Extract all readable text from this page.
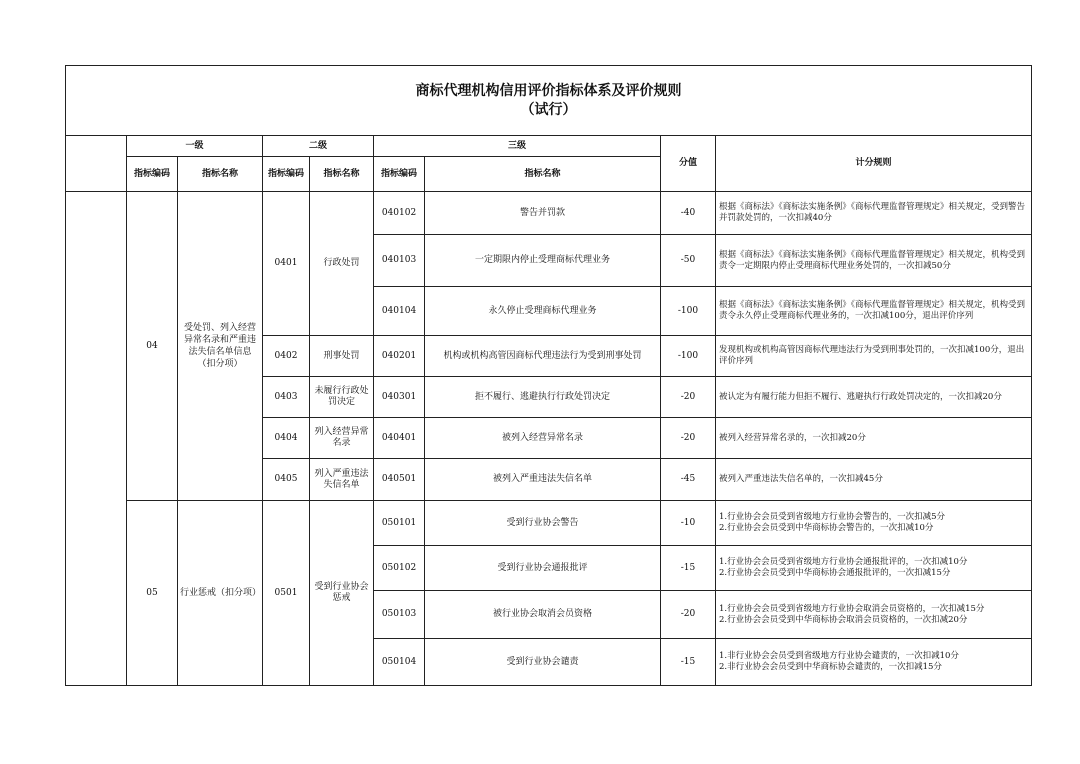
商标代理机构信用评价指标体系及评价规则
（试行）								

	一级		二级		三级		分值	计分规则
	指标编码	指标名称	指标编码	指标名称	指标编码	指标名称		
	04	受处罚、列入经营异常名录和严重违法失信名单信息（扣分项）	0401	行政处罚	040102	警告并罚款	-40	根据《商标法》《商标法实施条例》《商标代理监督管理规定》相关规定，受到警告并罚款处罚的，一次扣减40分
					040103	一定期限内停止受理商标代理业务	-50	根据《商标法》《商标法实施条例》《商标代理监督管理规定》相关规定，机构受到责令一定期限内停止受理商标代理业务处罚的，一次扣减50分
					040104	永久停止受理商标代理业务	-100	根据《商标法》《商标法实施条例》《商标代理监督管理规定》相关规定，机构受到责令永久停止受理商标代理业务的，一次扣减100分，退出评价序列
			0402	刑事处罚	040201	机构或机构高管因商标代理违法行为受到刑事处罚	-100	发现机构或机构高管因商标代理违法行为受到刑事处罚的，一次扣减100分，退出评价序列
			0403	未履行行政处罚决定	040301	拒不履行、逃避执行行政处罚决定	-20	被认定为有履行能力但拒不履行、逃避执行行政处罚决定的，一次扣减20分
			0404	列入经营异常名录	040401	被列入经营异常名录	-20	被列入经营异常名录的，一次扣减20分
			0405	列入严重违法失信名单	040501	被列入严重违法失信名单	-45	被列入严重违法失信名单的，一次扣减45分
	05	行业惩戒（扣分项）	0501	受到行业协会惩戒	050101	受到行业协会警告	-10	1.行业协会会员受到省级地方行业协会警告的，一次扣减5分
2.行业协会会员受到中华商标协会警告的，一次扣减10分
					050102	受到行业协会通报批评	-15	1.行业协会会员受到省级地方行业协会通报批评的，一次扣减10分
2.行业协会会员受到中华商标协会通报批评的，一次扣减15分
					050103	被行业协会取消会员资格	-20	1.行业协会会员受到省级地方行业协会取消会员资格的，一次扣减15分
2.行业协会会员受到中华商标协会取消会员资格的，一次扣减20分
					050104	受到行业协会谴责	-15	1.非行业协会会员受到省级地方行业协会谴责的，一次扣减10分
2.非行业协会会员受到中华商标协会谴责的，一次扣减15分
